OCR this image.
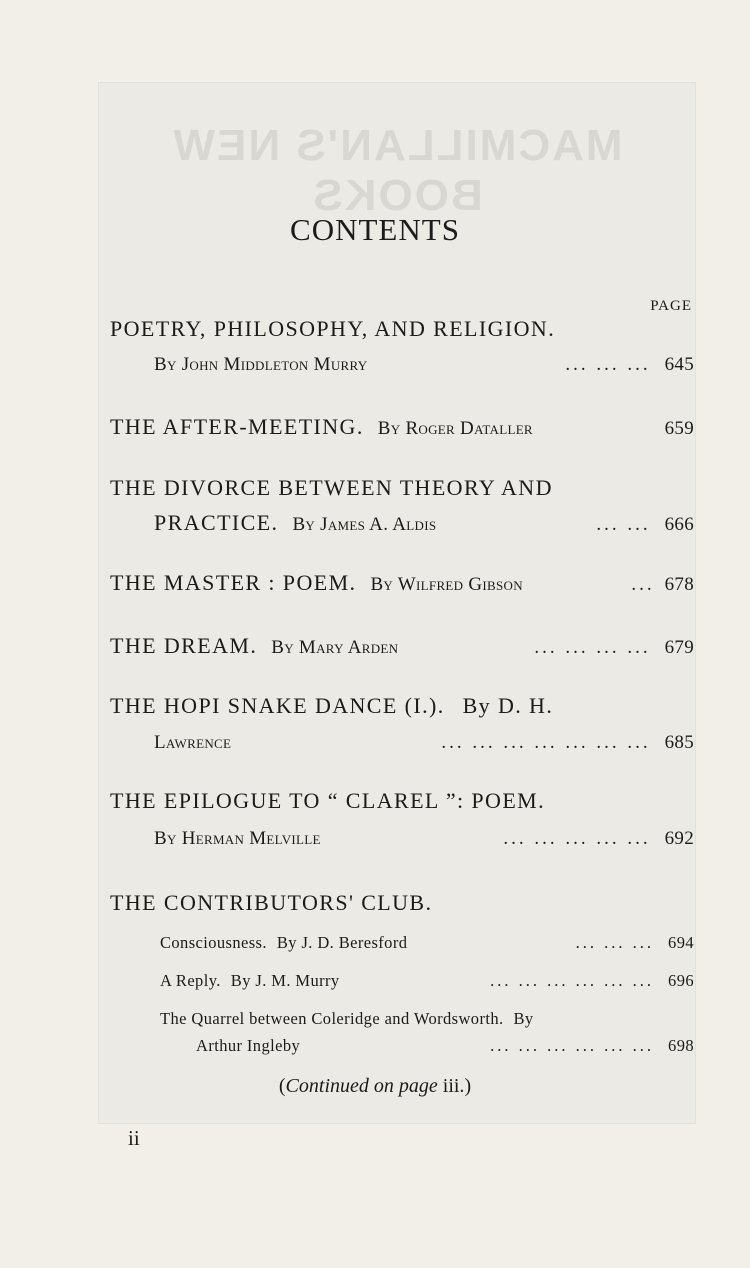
MACMILLAN'S NEW BOOKS
CONTENTS
PAGE
POETRY, PHILOSOPHY, AND RELIGION.
By John Middleton Murry	... ... ... 645
THE AFTER-MEETING. By Roger Dataller	659
THE DIVORCE BETWEEN THEORY AND
PRACTICE. By James A. Aldis	... ... 666
THE MASTER : POEM. By Wilfred Gibson	... 678
THE DREAM. By Mary Arden	... ... ... ... 679
THE HOPI SNAKE DANCE (I.). By D. H.
Lawrence	... ... ... ... ... ... ... 685
THE EPILOGUE TO “ CLAREL ”: POEM.
By Herman Melville	... ... ... ... ... 692
THE CONTRIBUTORS' CLUB.
Consciousness. By J. D. Beresford	... ... ... 694
A Reply. By J. M. Murry	... ... ... ... ... ... 696
The Quarrel between Coleridge and Wordsworth. By
Arthur Ingleby	... ... ... ... ... ... 698
(Continued on page iii.)
ii
